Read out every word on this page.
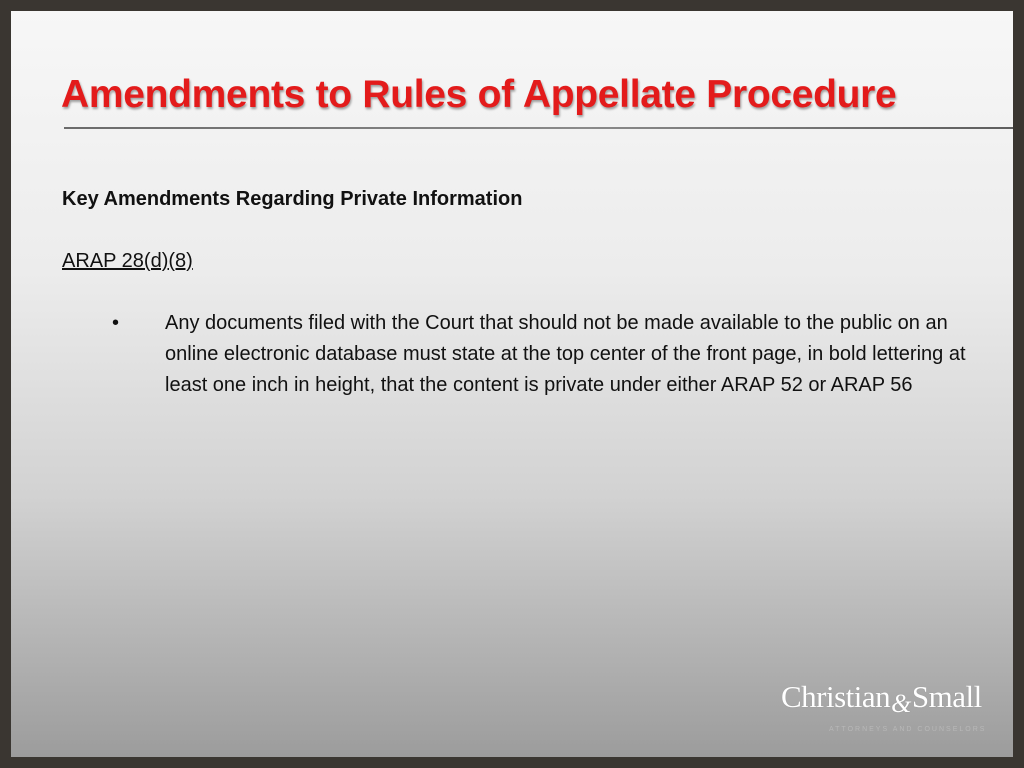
Amendments to Rules of Appellate Procedure

Key Amendments Regarding Private Information

ARAP 28(d)(8)

• Any documents filed with the Court that should not be made available to the public on an online electronic database must state at the top center of the front page, in bold lettering at least one inch in height, that the content is private under either ARAP 52 or ARAP 56
Christian&Small
ATTORNEYS AND COUNSELORS
